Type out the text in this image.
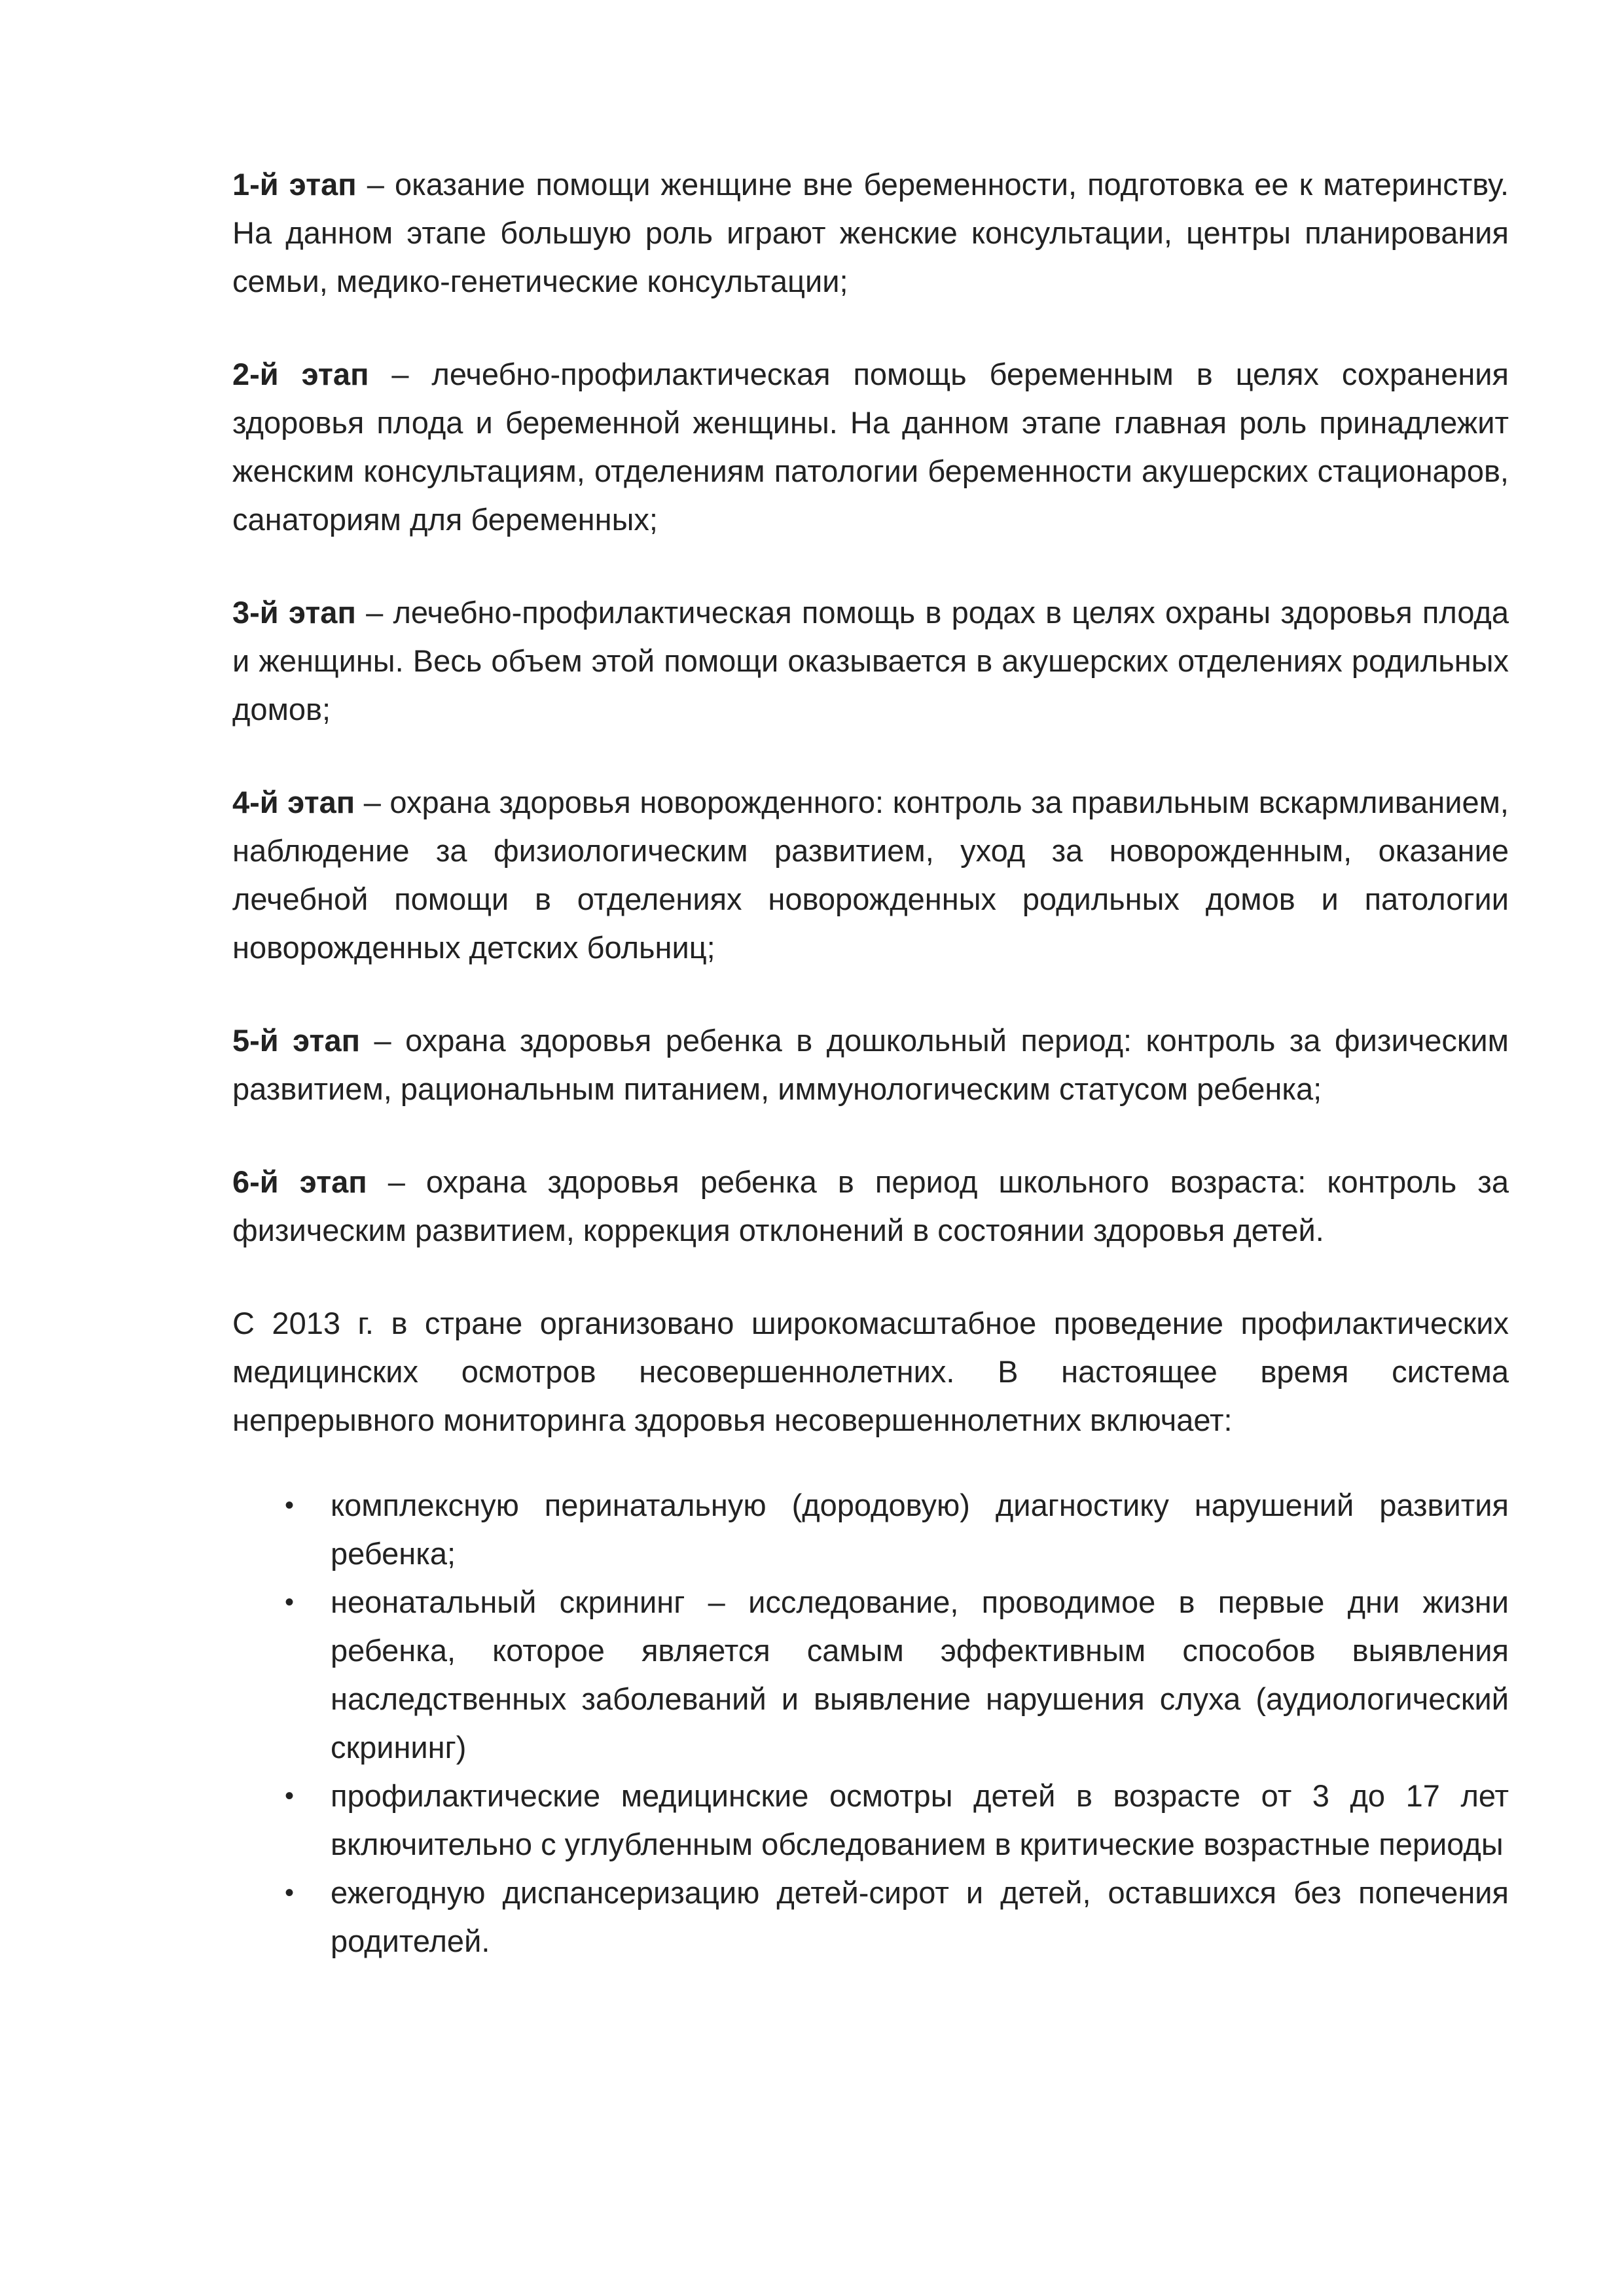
1-й этап – оказание помощи женщине вне беременности, подготовка ее к материнству. На данном этапе большую роль играют женские консультации, центры планирования семьи, медико-генетические консультации;

2-й этап – лечебно-профилактическая помощь беременным в целях сохранения здоровья плода и беременной женщины. На данном этапе главная роль принадлежит женским консультациям, отделениям патологии беременности акушерских стационаров, санаториям для беременных;

3-й этап – лечебно-профилактическая помощь в родах в целях охраны здоровья плода и женщины. Весь объем этой помощи оказывается в акушерских отделениях родильных домов;

4-й этап – охрана здоровья новорожденного: контроль за правильным вскармливанием, наблюдение за физиологическим развитием, уход за новорожденным, оказание лечебной помощи в отделениях новорожденных родильных домов и патологии новорожденных детских больниц;

5-й этап – охрана здоровья ребенка в дошкольный период: контроль за физическим развитием, рациональным питанием, иммунологическим статусом ребенка;

6-й этап – охрана здоровья ребенка в период школьного возраста: контроль за физическим развитием, коррекция отклонений в состоянии здоровья детей.

С 2013 г. в стране организовано широкомасштабное проведение профилактических медицинских осмотров несовершеннолетних. В настоящее время система непрерывного мониторинга здоровья несовершеннолетних включает:

• комплексную перинатальную (дородовую) диагностику нарушений развития ребенка;
• неонатальный скрининг – исследование, проводимое в первые дни жизни ребенка, которое является самым эффективным способов выявления наследственных заболеваний и выявление нарушения слуха (аудиологический скрининг)
• профилактические медицинские осмотры детей в возрасте от 3 до 17 лет включительно с углубленным обследованием в критические возрастные периоды
• ежегодную диспансеризацию детей-сирот и детей, оставшихся без попечения родителей.
